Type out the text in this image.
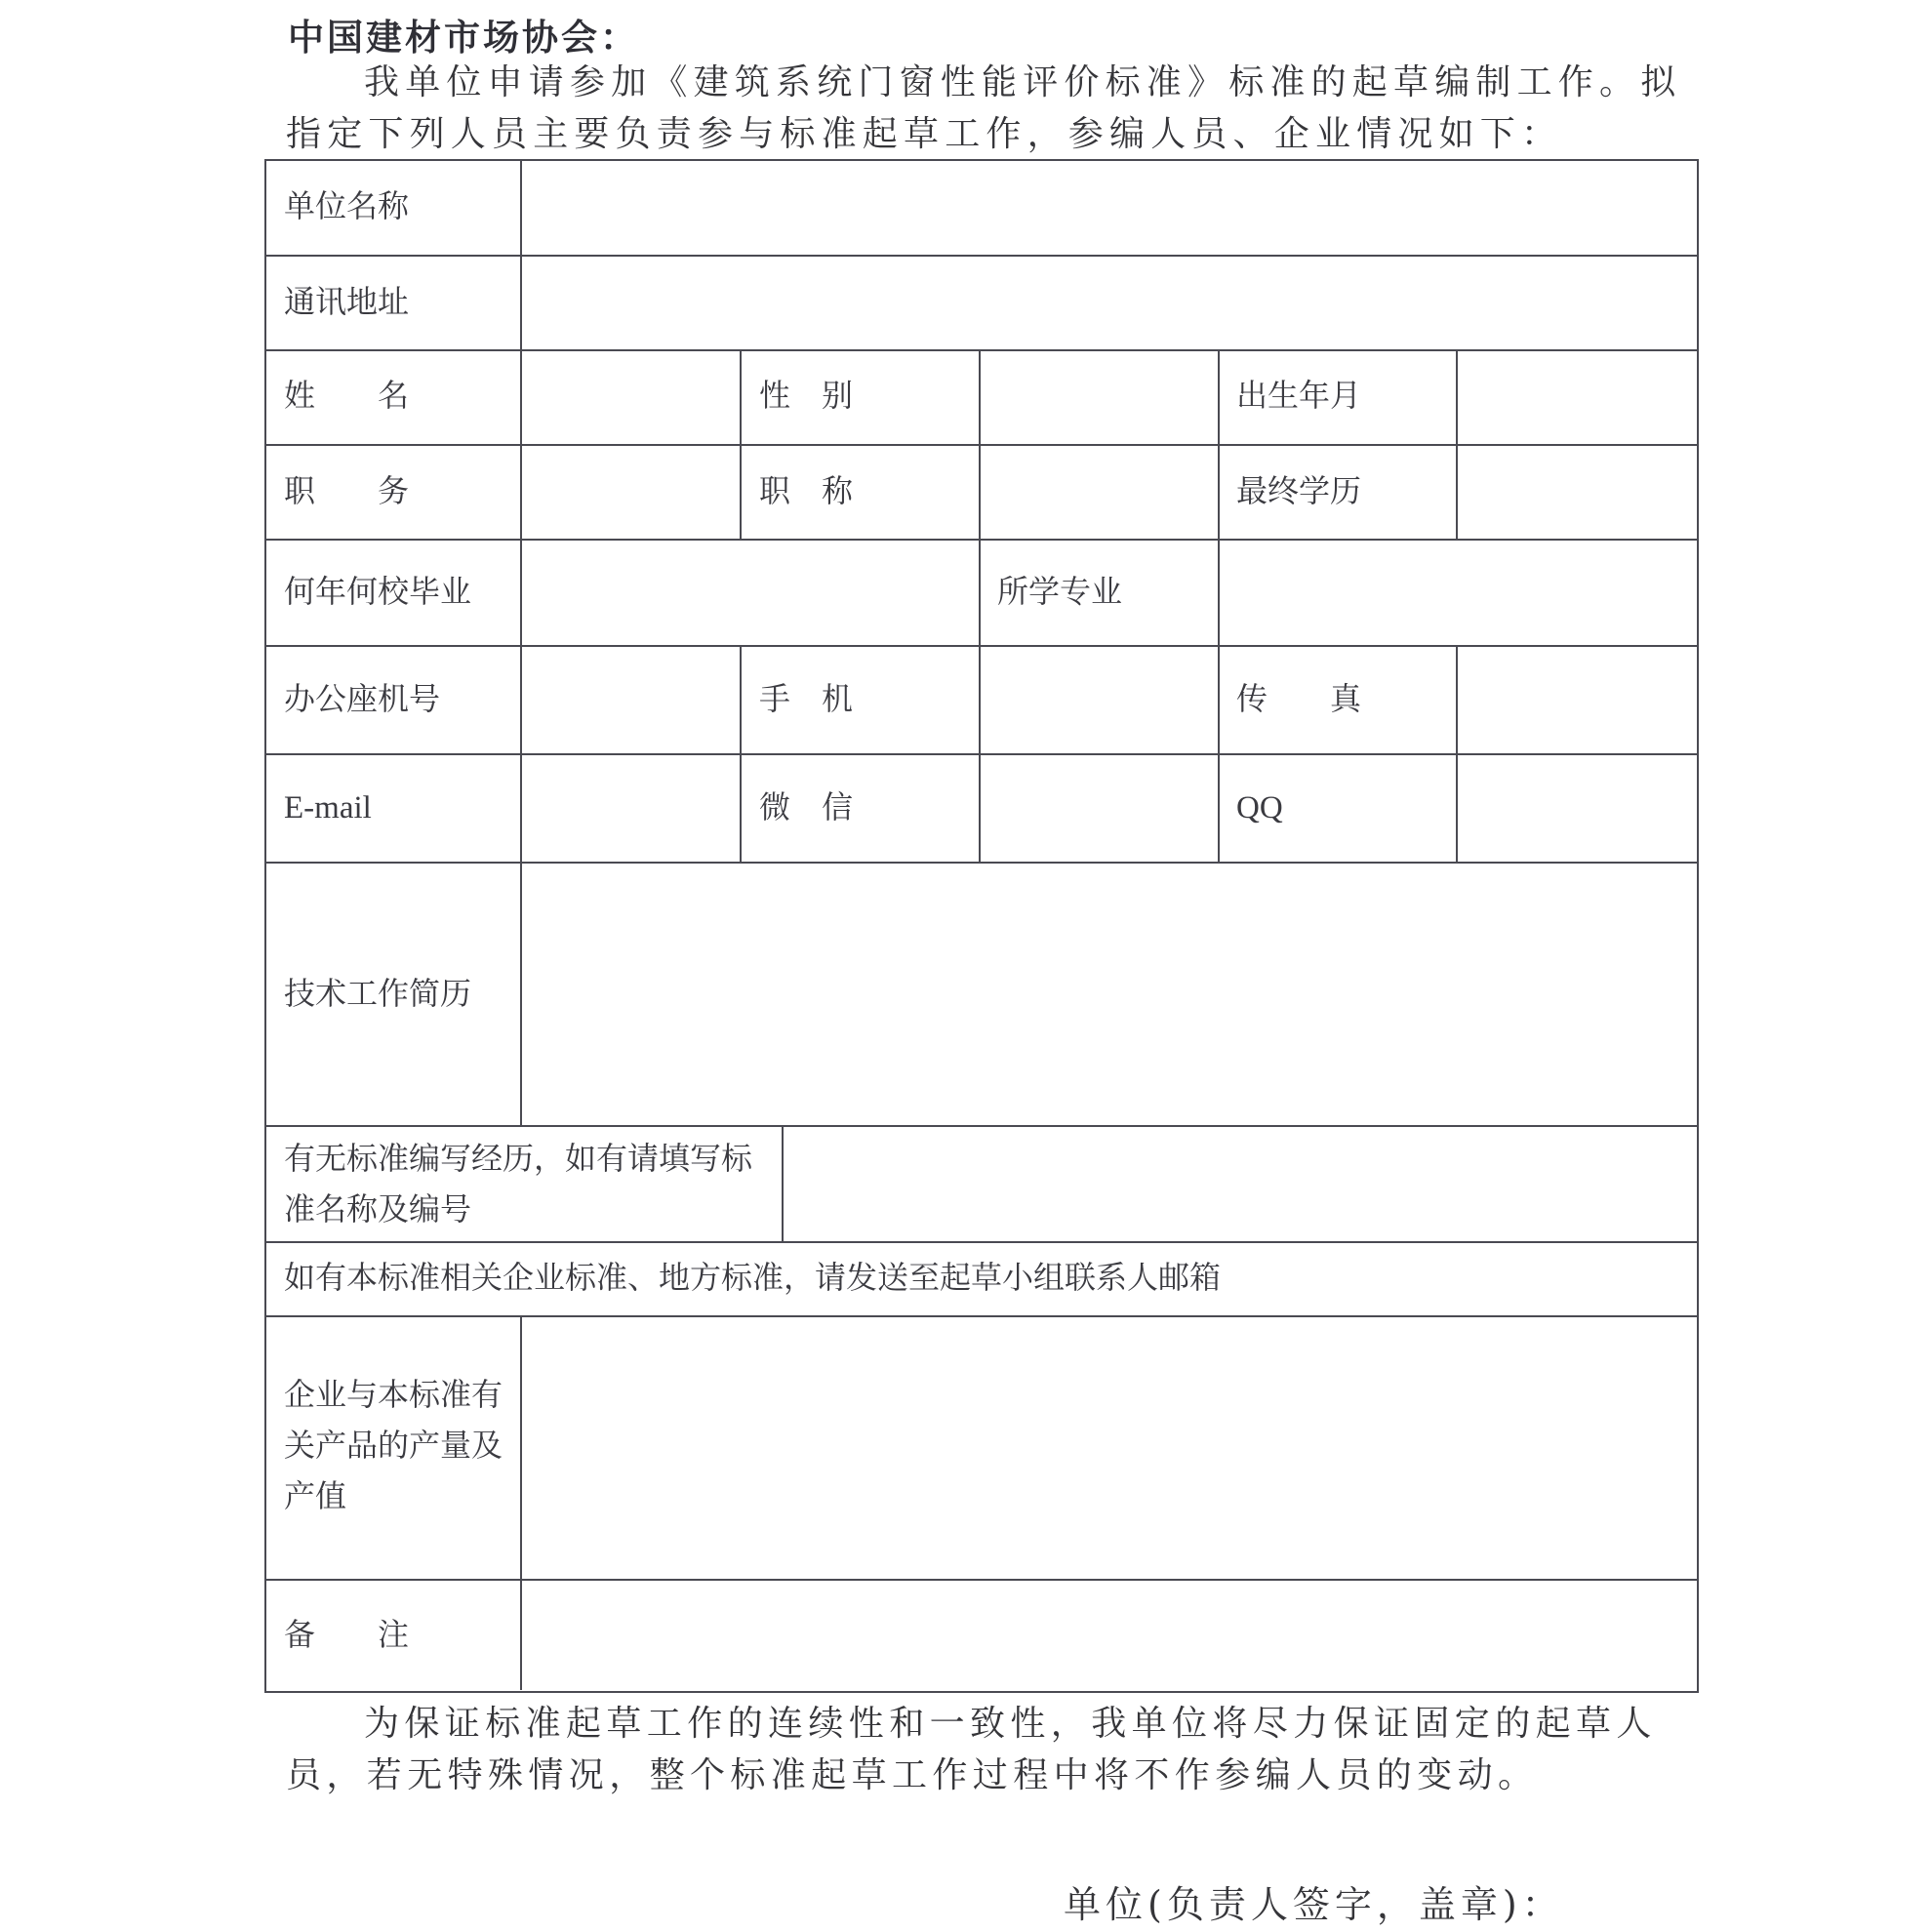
中国建材市场协会：
我单位申请参加《建筑系统门窗性能评价标准》标准的起草编制工作。拟指定下列人员主要负责参与标准起草工作，参编人员、企业情况如下：
单位名称
通讯地址
姓　　名	性　别	出生年月
职　　务	职　称	最终学历
何年何校毕业	所学专业
办公座机号	手　机	传　　真
E-mail	微　信	QQ
技术工作简历
有无标准编写经历，如有请填写标准名称及编号
如有本标准相关企业标准、地方标准，请发送至起草小组联系人邮箱
企业与本标准有关产品的产量及产值
备　　注
为保证标准起草工作的连续性和一致性，我单位将尽力保证固定的起草人员，若无特殊情况，整个标准起草工作过程中将不作参编人员的变动。
单位(负责人签字，盖章)：
